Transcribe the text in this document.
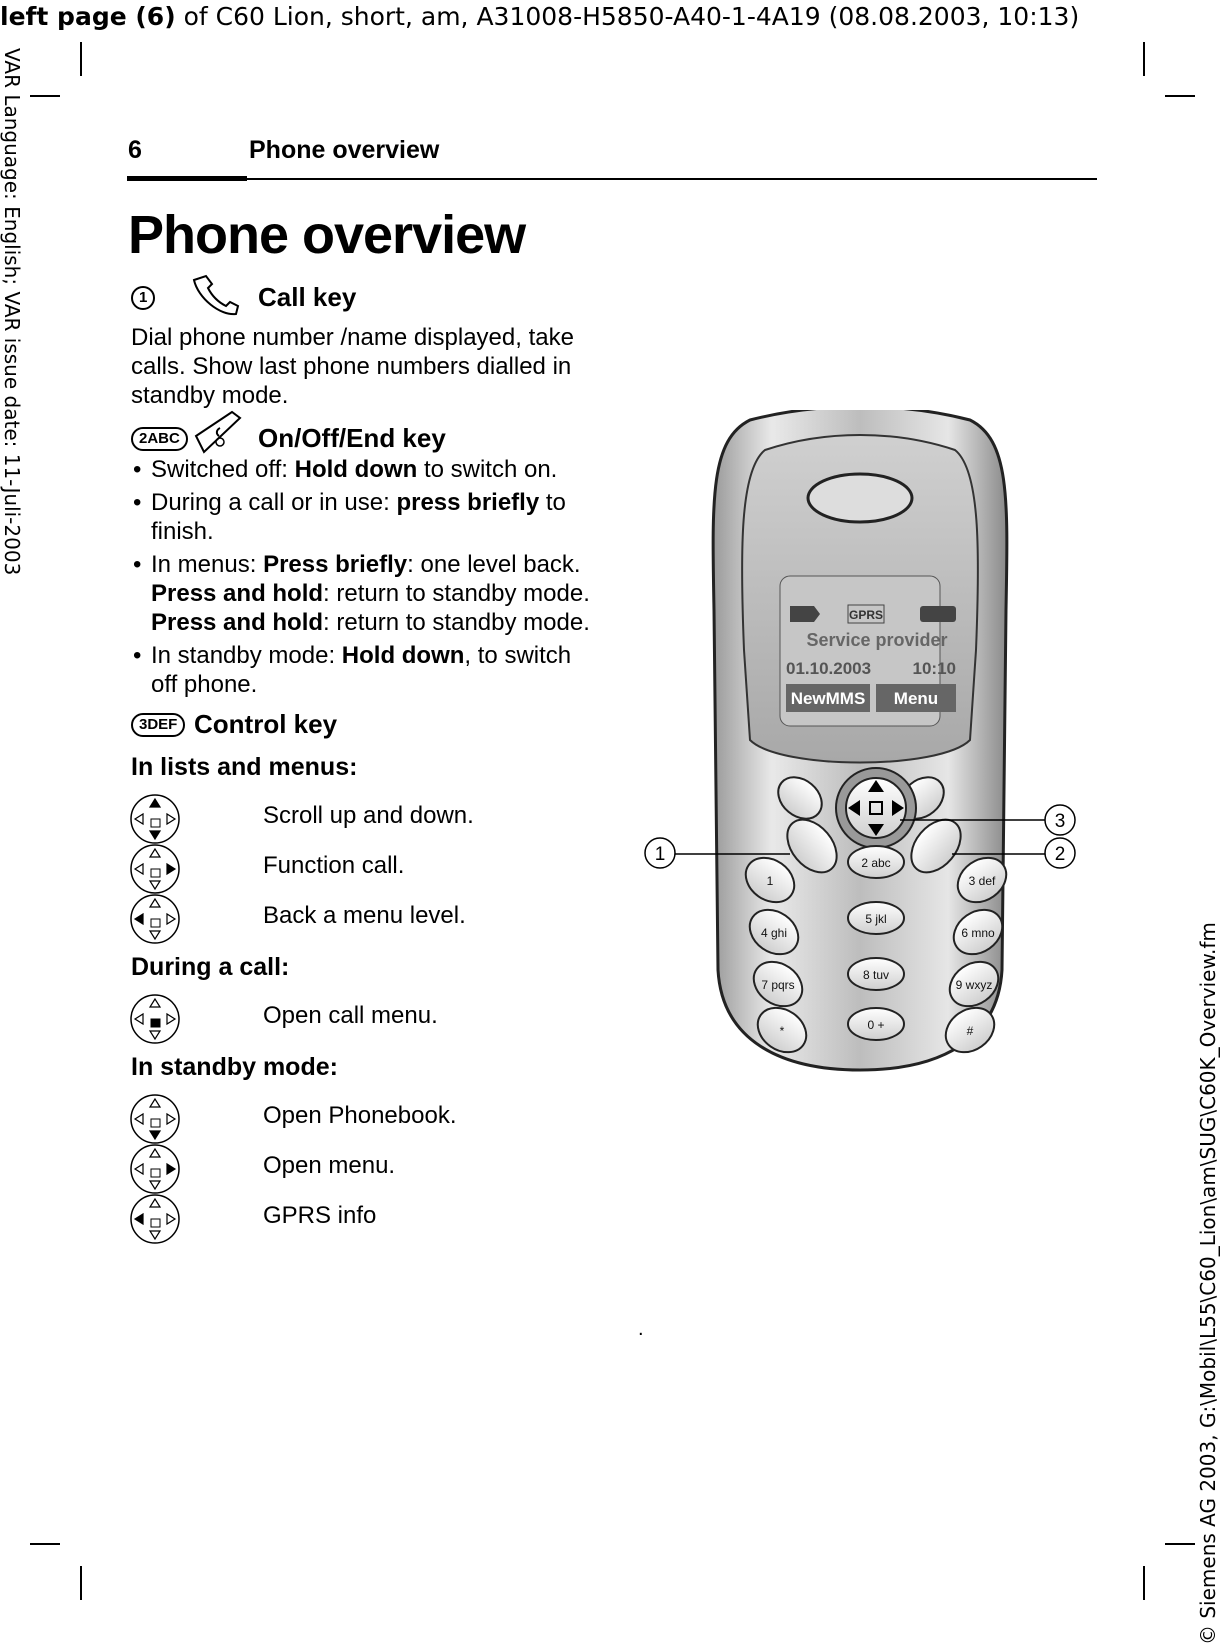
left page (6) of C60 Lion, short, am, A31008-H5850-A40-1-4A19 (08.08.2003, 10:13)
VAR Language: English; VAR issue date: 11-Juli-2003
© Siemens AG 2003, G:\Mobil\L55\C60_Lion\am\SUG\C60K_Overview.fm
6	Phone overview
Phone overview
1	Call key
Dial phone number /name displayed, take calls. Show last phone numbers dialled in standby mode.
2ABC	On/Off/End key
• Switched off: Hold down to switch on.
• During a call or in use: press briefly to finish.
• In menus: Press briefly: one level back.
Press and hold: return to standby mode.
Press and hold: return to standby mode.
• In standby mode: Hold down, to switch off phone.
3DEF Control key
In lists and menus:
Scroll up and down.
Function call.
Back a menu level.
During a call:
Open call menu.
In standby mode:
Open Phonebook.
Open menu.
GPRS info
GPRS
Service provider
01.10.2003 10:10
NewMMS Menu
1
2 abc
3 def
4 ghi
5 jkl
6 mno
7 pqrs
8 tuv
9 wxyz
*	0 +	#
1	2
3
.
